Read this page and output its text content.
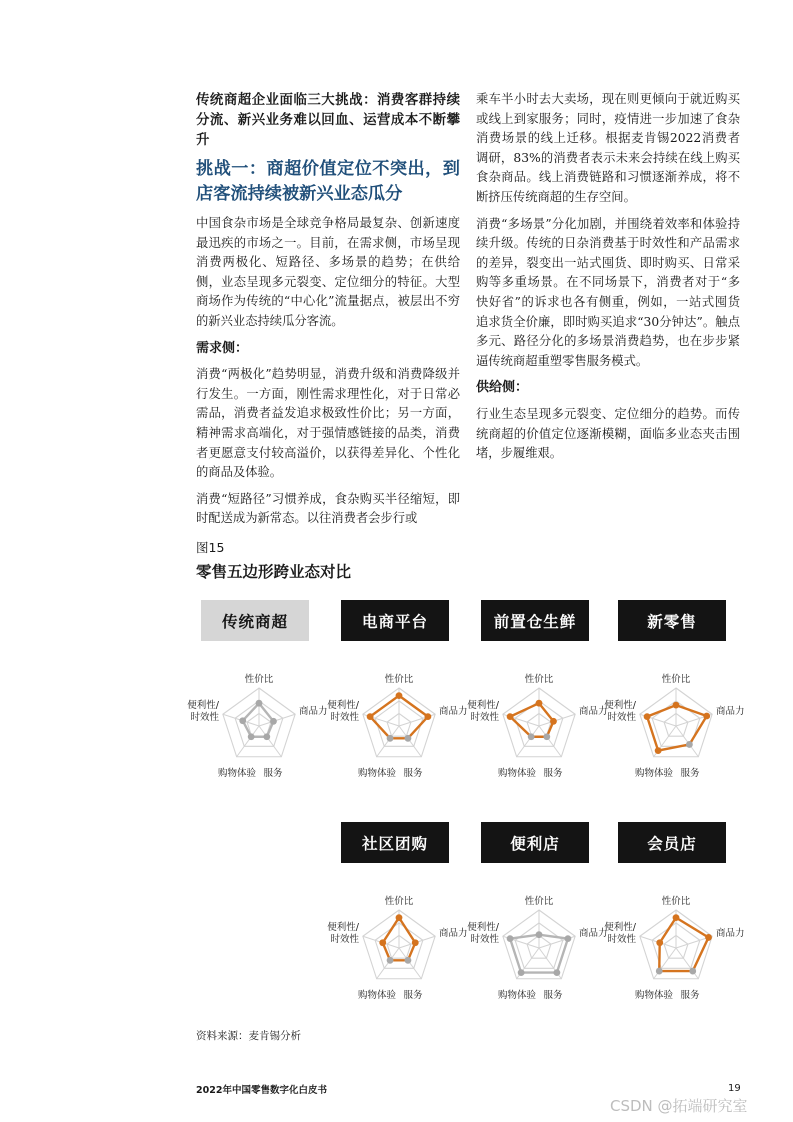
传统商超企业面临三大挑战：消费客群持续分流、新兴业务难以回血、运营成本不断攀升

挑战一：商超价值定位不突出，到店客流持续被新兴业态瓜分

中国食杂市场是全球竞争格局最复杂、创新速度最迅疾的市场之一。目前，在需求侧，市场呈现消费两极化、短路径、多场景的趋势；在供给侧，业态呈现多元裂变、定位细分的特征。大型商场作为传统的“中心化”流量据点，被层出不穷的新兴业态持续瓜分客流。

需求侧：

消费“两极化”趋势明显，消费升级和消费降级并行发生。一方面，刚性需求理性化，对于日常必需品，消费者益发追求极致性价比；另一方面，精神需求高端化，对于强情感链接的品类，消费者更愿意支付较高溢价，以获得差异化、个性化的商品及体验。

消费“短路径”习惯养成，食杂购买半径缩短，即时配送成为新常态。以往消费者会步行或

乘车半小时去大卖场，现在则更倾向于就近购买或线上到家服务；同时，疫情进一步加速了食杂消费场景的线上迁移。根据麦肯锡2022消费者调研，83%的消费者表示未来会持续在线上购买食杂商品。线上消费链路和习惯逐渐养成，将不断挤压传统商超的生存空间。

消费“多场景”分化加剧，并围绕着效率和体验持续升级。传统的日杂消费基于时效性和产品需求的差异，裂变出一站式囤货、即时购买、日常采购等多重场景。在不同场景下，消费者对于“多快好省”的诉求也各有侧重，例如，一站式囤货追求货全价廉，即时购买追求“30分钟达”。触点多元、路径分化的多场景消费趋势，也在步步紧逼传统商超重塑零售服务模式。

供给侧：

行业生态呈现多元裂变、定位细分的趋势。而传统商超的价值定位逐渐模糊，面临多业态夹击围堵，步履维艰。

图15
零售五边形跨业态对比
传统商超
性价比
商品力
服务
购物体验
便利性/时效性
电商平台
性价比
商品力
服务
购物体验
便利性/时效性
前置仓生鲜
性价比
商品力
服务
购物体验
便利性/时效性
新零售
性价比
商品力
服务
购物体验
便利性/时效性
社区团购
性价比
商品力
服务
购物体验
便利性/时效性
便利店
性价比
商品力
服务
购物体验
便利性/时效性
会员店
性价比
商品力
服务
购物体验
便利性/时效性
资料来源：麦肯锡分析
2022年中国零售数字化白皮书	19
CSDN @拓端研究室
